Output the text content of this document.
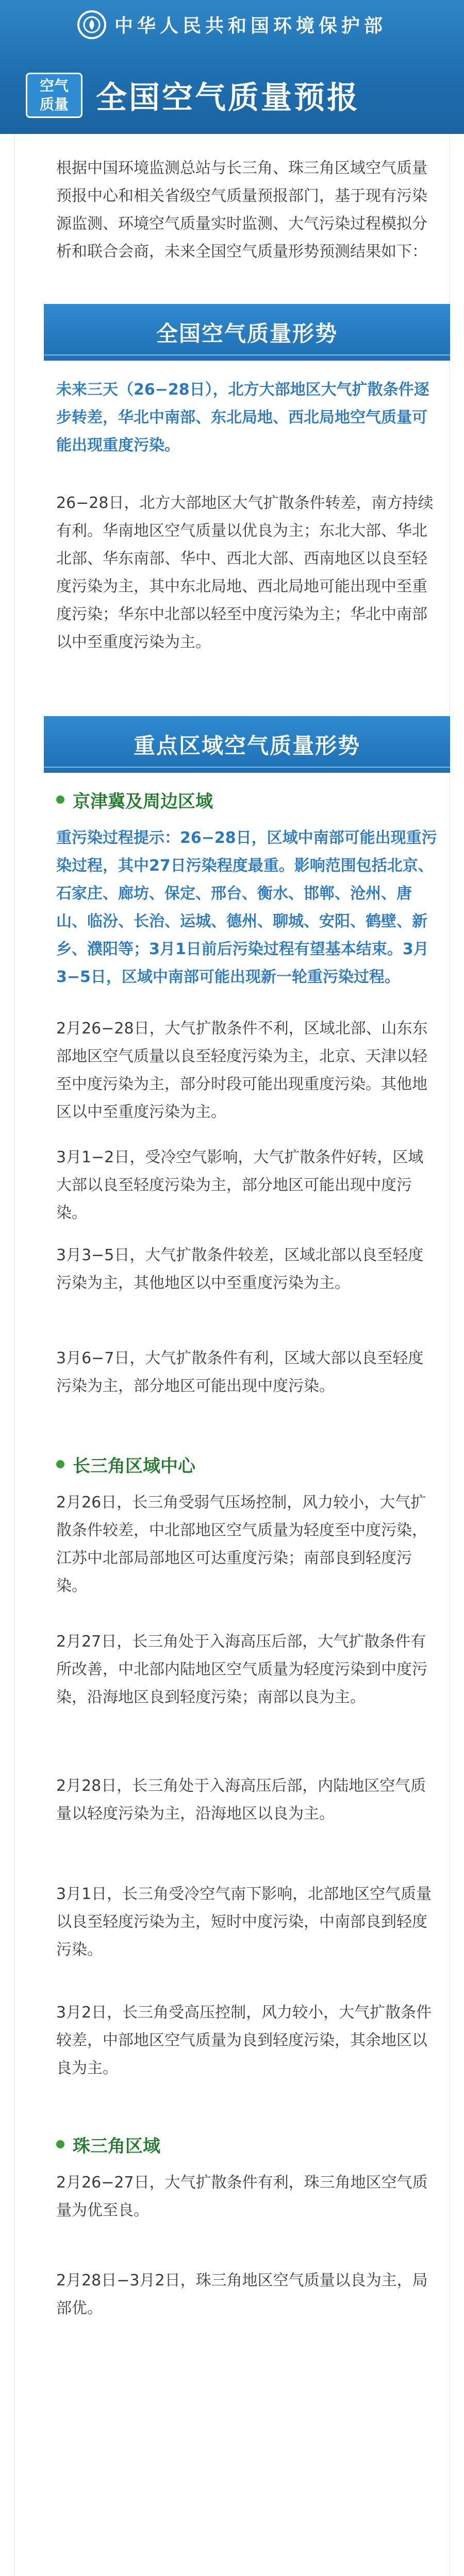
中华人民共和国环境保护部
空气
质量 全国空气质量预报
根据中国环境监测总站与长三角、珠三角区域空气质量预报中心和相关省级空气质量预报部门，基于现有污染源监测、环境空气质量实时监测、大气污染过程模拟分析和联合会商，未来全国空气质量形势预测结果如下：
全国空气质量形势
未来三天（26−28日），北方大部地区大气扩散条件逐步转差，华北中南部、东北局地、西北局地空气质量可能出现重度污染。
26−28日，北方大部地区大气扩散条件转差，南方持续有利。华南地区空气质量以优良为主；东北大部、华北北部、华东南部、华中、西北大部、西南地区以良至轻度污染为主，其中东北局地、西北局地可能出现中至重度污染；华东中北部以轻至中度污染为主；华北中南部以中至重度污染为主。
重点区域空气质量形势
京津冀及周边区域
重污染过程提示：26−28日，区域中南部可能出现重污染过程，其中27日污染程度最重。影响范围包括北京、石家庄、廊坊、保定、邢台、衡水、邯郸、沧州、唐山、临汾、长治、运城、德州、聊城、安阳、鹤壁、新乡、濮阳等；3月1日前后污染过程有望基本结束。3月3−5日，区域中南部可能出现新一轮重污染过程。
2月26−28日，大气扩散条件不利，区域北部、山东东部地区空气质量以良至轻度污染为主，北京、天津以轻至中度污染为主，部分时段可能出现重度污染。其他地区以中至重度污染为主。
3月1−2日，受冷空气影响，大气扩散条件好转，区域大部以良至轻度污染为主，部分地区可能出现中度污染。
3月3−5日，大气扩散条件较差，区域北部以良至轻度污染为主，其他地区以中至重度污染为主。
3月6−7日，大气扩散条件有利，区域大部以良至轻度污染为主，部分地区可能出现中度污染。
长三角区域中心
2月26日，长三角受弱气压场控制，风力较小，大气扩散条件较差，中北部地区空气质量为轻度至中度污染，江苏中北部局部地区可达重度污染；南部良到轻度污染。
2月27日，长三角处于入海高压后部，大气扩散条件有所改善，中北部内陆地区空气质量为轻度污染到中度污染，沿海地区良到轻度污染；南部以良为主。
2月28日，长三角处于入海高压后部，内陆地区空气质量以轻度污染为主，沿海地区以良为主。
3月1日，长三角受冷空气南下影响，北部地区空气质量以良至轻度污染为主，短时中度污染，中南部良到轻度污染。
3月2日，长三角受高压控制，风力较小，大气扩散条件较差，中部地区空气质量为良到轻度污染，其余地区以良为主。
珠三角区域
2月26−27日，大气扩散条件有利，珠三角地区空气质量为优至良。
2月28日−3月2日，珠三角地区空气质量以良为主，局部优。
